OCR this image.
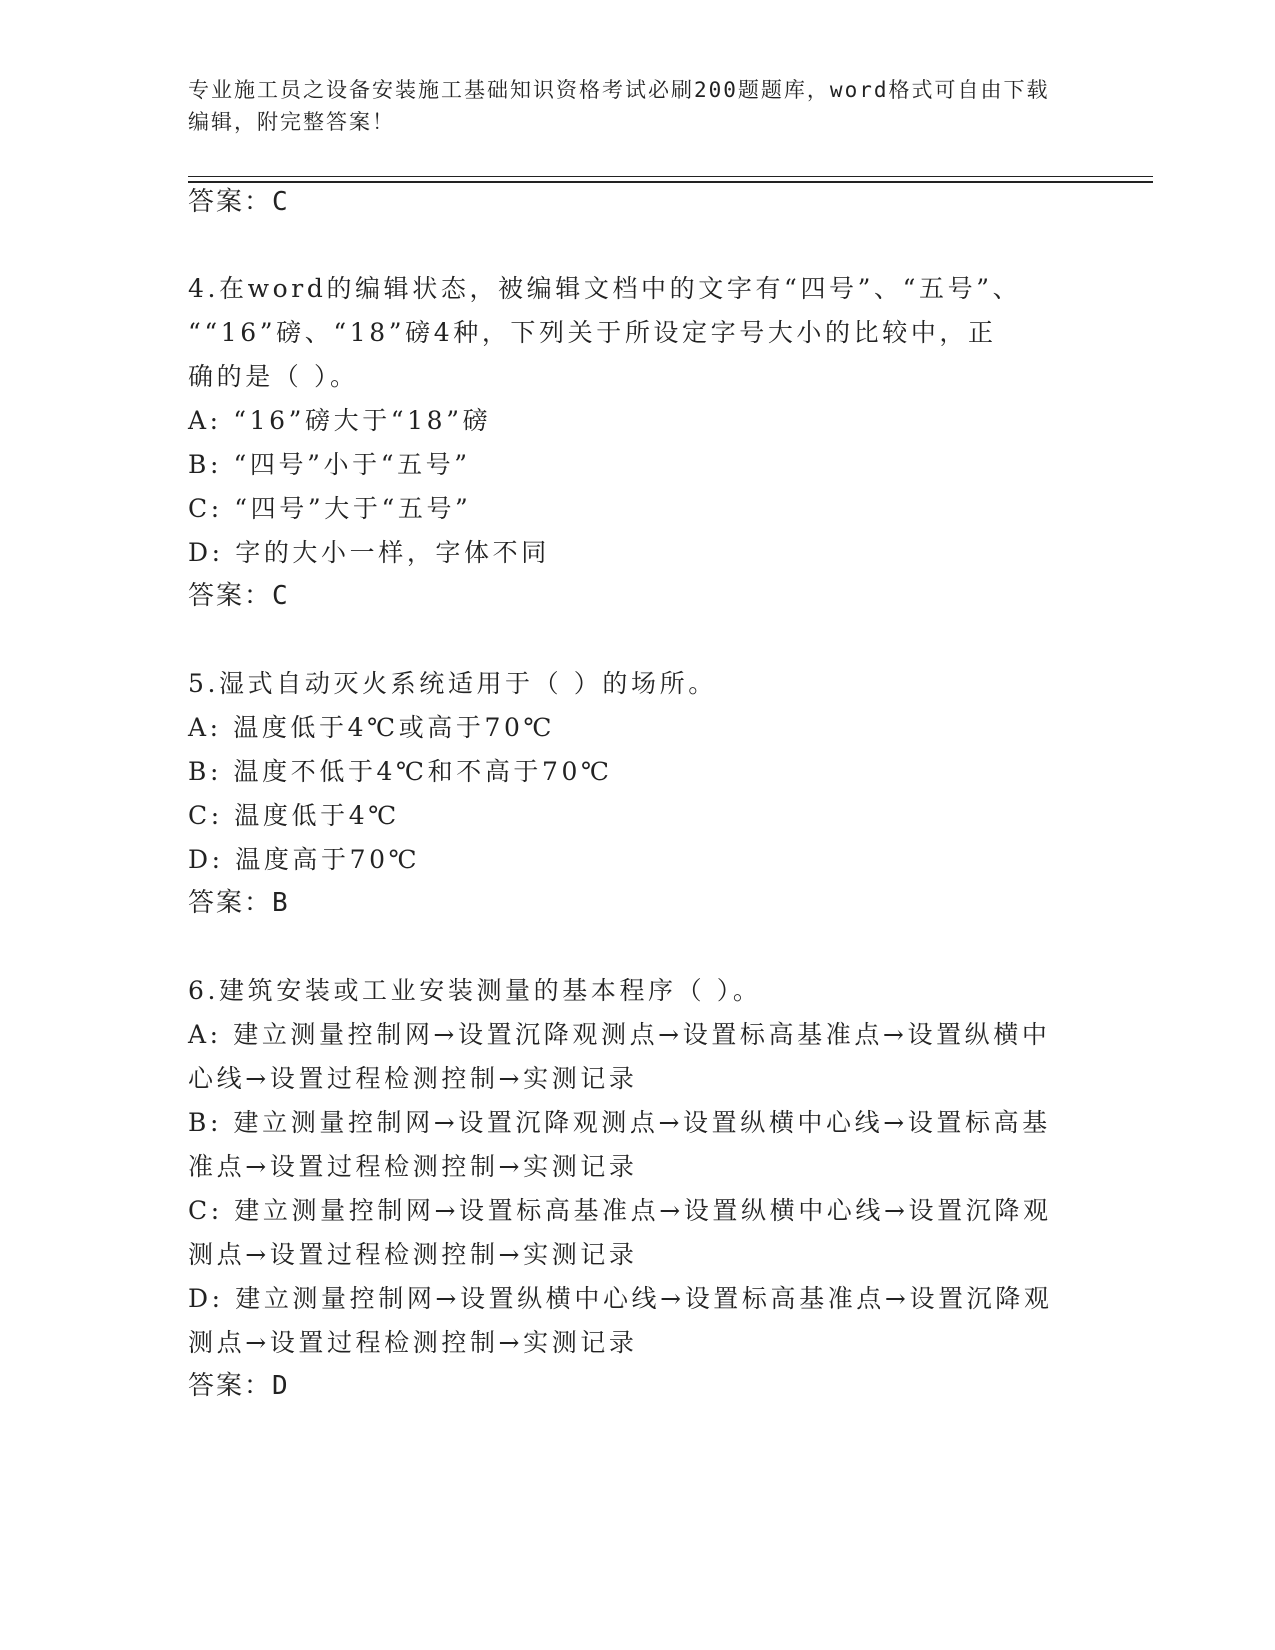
专业施工员之设备安装施工基础知识资格考试必刷200题题库，word格式可自由下载编辑，附完整答案！
答案：C
4.在word的编辑状态，被编辑文档中的文字有“四号”、“五号”、
““16”磅、“18”磅4种，下列关于所设定字号大小的比较中，正
确的是（ ）。
A: “16”磅大于“18”磅
B: “四号”小于“五号”
C: “四号”大于“五号”
D: 字的大小一样，字体不同
答案：C
5.湿式自动灭火系统适用于（ ）的场所。
A: 温度低于4℃或高于70℃
B: 温度不低于4℃和不高于70℃
C: 温度低于4℃
D: 温度高于70℃
答案：B
6.建筑安装或工业安装测量的基本程序（ ）。
A: 建立测量控制网→设置沉降观测点→设置标高基准点→设置纵横中
心线→设置过程检测控制→实测记录
B: 建立测量控制网→设置沉降观测点→设置纵横中心线→设置标高基
准点→设置过程检测控制→实测记录
C: 建立测量控制网→设置标高基准点→设置纵横中心线→设置沉降观
测点→设置过程检测控制→实测记录
D: 建立测量控制网→设置纵横中心线→设置标高基准点→设置沉降观
测点→设置过程检测控制→实测记录
答案：D
